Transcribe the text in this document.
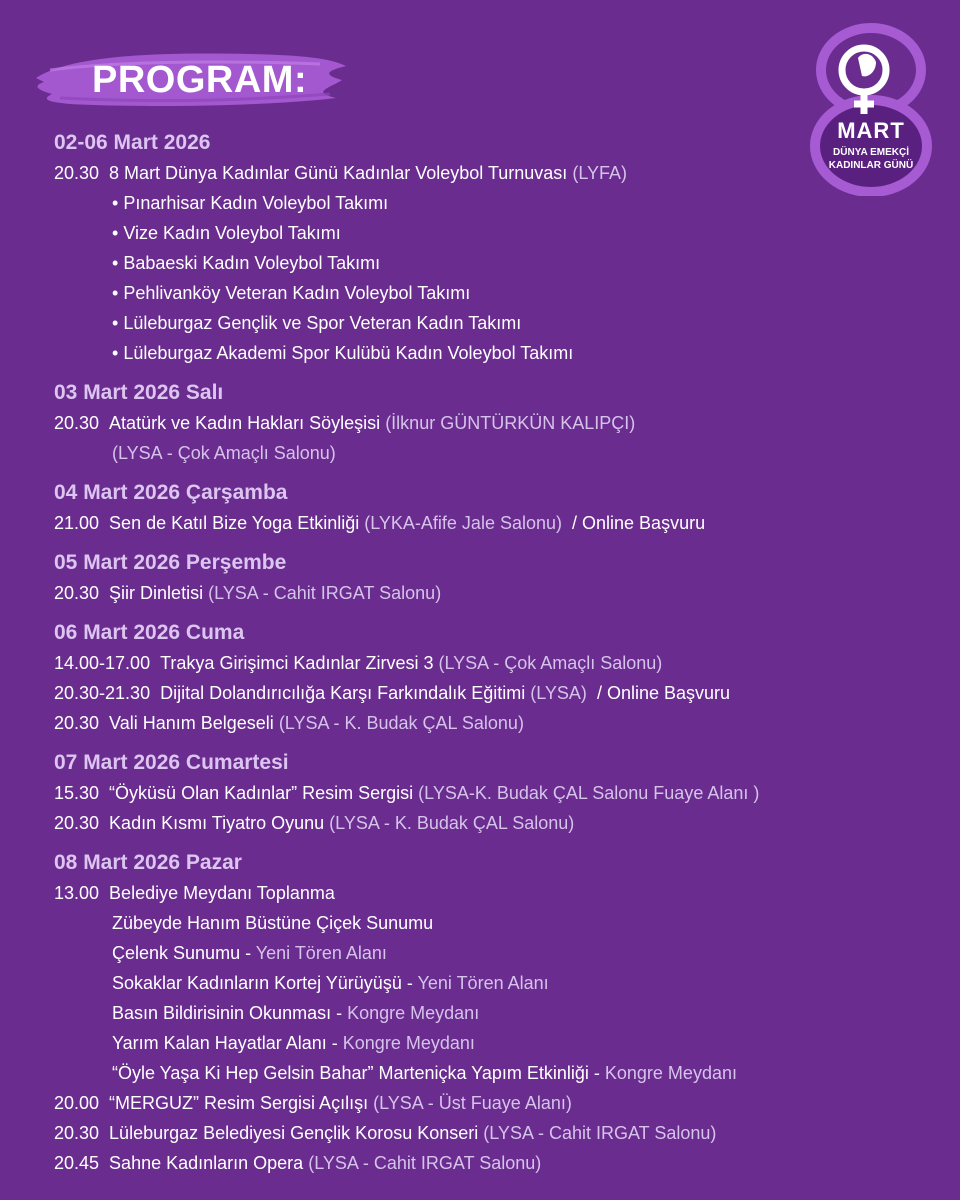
PROGRAM:
MART
DÜNYA EMEKÇİ
KADINLAR GÜNÜ
02-06 Mart 2026
20.30 8 Mart Dünya Kadınlar Günü Kadınlar Voleybol Turnuvası (LYFA)
• Pınarhisar Kadın Voleybol Takımı
• Vize Kadın Voleybol Takımı
• Babaeski Kadın Voleybol Takımı
• Pehlivanköy Veteran Kadın Voleybol Takımı
• Lüleburgaz Gençlik ve Spor Veteran Kadın Takımı
• Lüleburgaz Akademi Spor Kulübü Kadın Voleybol Takımı
03 Mart 2026 Salı
20.30 Atatürk ve Kadın Hakları Söyleşisi (İlknur GÜNTÜRKÜN KALIPÇI)
(LYSA - Çok Amaçlı Salonu)
04 Mart 2026 Çarşamba
21.00 Sen de Katıl Bize Yoga Etkinliği (LYKA-Afife Jale Salonu) / Online Başvuru
05 Mart 2026 Perşembe
20.30 Şiir Dinletisi (LYSA - Cahit IRGAT Salonu)
06 Mart 2026 Cuma
14.00-17.00 Trakya Girişimci Kadınlar Zirvesi 3 (LYSA - Çok Amaçlı Salonu)
20.30-21.30 Dijital Dolandırıcılığa Karşı Farkındalık Eğitimi (LYSA) / Online Başvuru
20.30 Vali Hanım Belgeseli (LYSA - K. Budak ÇAL Salonu)
07 Mart 2026 Cumartesi
15.30 “Öyküsü Olan Kadınlar” Resim Sergisi (LYSA-K. Budak ÇAL Salonu Fuaye Alanı )
20.30 Kadın Kısmı Tiyatro Oyunu (LYSA - K. Budak ÇAL Salonu)
08 Mart 2026 Pazar
13.00 Belediye Meydanı Toplanma
Zübeyde Hanım Büstüne Çiçek Sunumu
Çelenk Sunumu - Yeni Tören Alanı
Sokaklar Kadınların Kortej Yürüyüşü - Yeni Tören Alanı
Basın Bildirisinin Okunması - Kongre Meydanı
Yarım Kalan Hayatlar Alanı - Kongre Meydanı
“Öyle Yaşa Ki Hep Gelsin Bahar” Marteniçka Yapım Etkinliği - Kongre Meydanı
20.00 “MERGUZ” Resim Sergisi Açılışı (LYSA - Üst Fuaye Alanı)
20.30 Lüleburgaz Belediyesi Gençlik Korosu Konseri (LYSA - Cahit IRGAT Salonu)
20.45 Sahne Kadınların Opera (LYSA - Cahit IRGAT Salonu)
